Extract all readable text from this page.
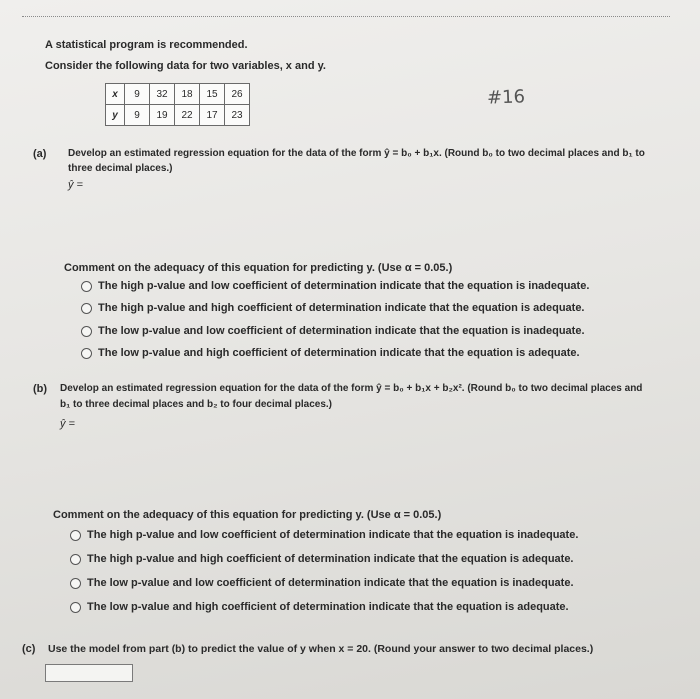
A statistical program is recommended.
Consider the following data for two variables, x and y.
x	9	32	18	15	26
y	9	19	22	17	23
#16
(a) Develop an estimated regression equation for the data of the form ŷ = b₀ + b₁x. (Round b₀ to two decimal places and b₁ to
three decimal places.)
ŷ =
Comment on the adequacy of this equation for predicting y. (Use α = 0.05.)
The high p-value and low coefficient of determination indicate that the equation is inadequate.
The high p-value and high coefficient of determination indicate that the equation is adequate.
The low p-value and low coefficient of determination indicate that the equation is inadequate.
The low p-value and high coefficient of determination indicate that the equation is adequate.
(b) Develop an estimated regression equation for the data of the form ŷ = b₀ + b₁x + b₂x². (Round b₀ to two decimal places and
b₁ to three decimal places and b₂ to four decimal places.)
ŷ =
Comment on the adequacy of this equation for predicting y. (Use α = 0.05.)
The high p-value and low coefficient of determination indicate that the equation is inadequate.
The high p-value and high coefficient of determination indicate that the equation is adequate.
The low p-value and low coefficient of determination indicate that the equation is inadequate.
The low p-value and high coefficient of determination indicate that the equation is adequate.
(c) Use the model from part (b) to predict the value of y when x = 20. (Round your answer to two decimal places.)
